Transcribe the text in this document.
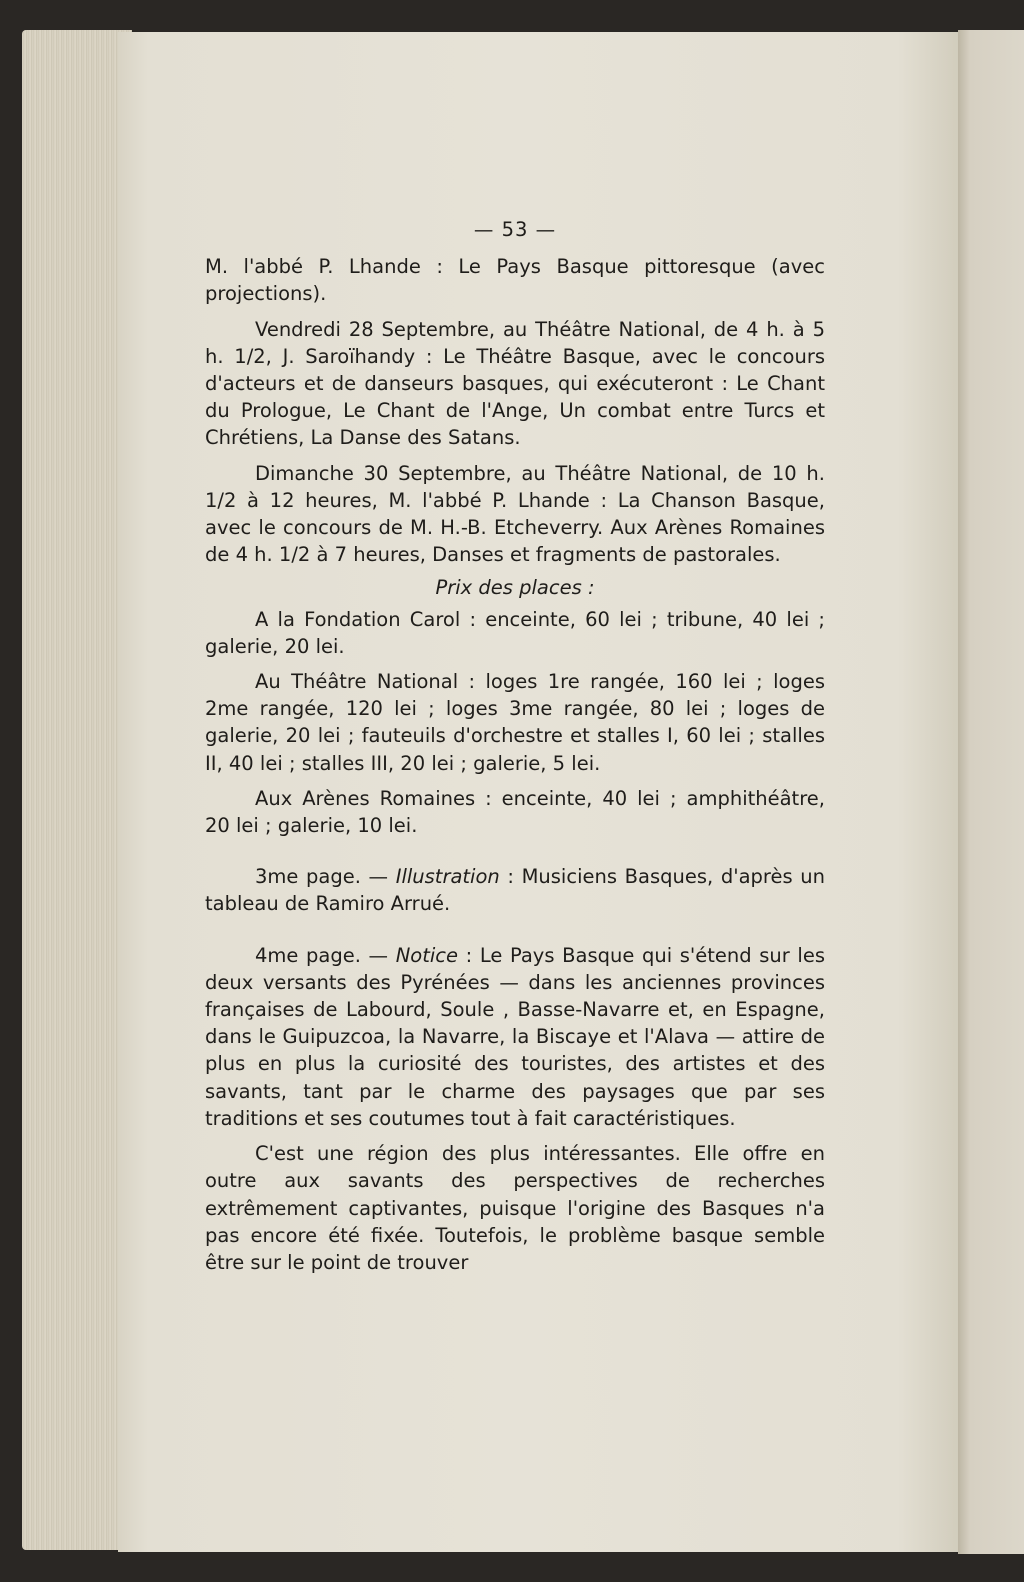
— 53 —

M. l'abbé P. Lhande : Le Pays Basque pittoresque (avec projections).

Vendredi 28 Septembre, au Théâtre National, de 4 h. à 5 h. 1/2, J. Saroïhandy : Le Théâtre Basque, avec le concours d'acteurs et de danseurs basques, qui exécuteront : Le Chant du Prologue, Le Chant de l'Ange, Un combat entre Turcs et Chrétiens, La Danse des Satans.

Dimanche 30 Septembre, au Théâtre National, de 10 h. 1/2 à 12 heures, M. l'abbé P. Lhande : La Chanson Basque, avec le concours de M. H.-B. Etcheverry. Aux Arènes Romaines de 4 h. 1/2 à 7 heures, Danses et fragments de pastorales.

Prix des places :

A la Fondation Carol : enceinte, 60 lei ; tribune, 40 lei ; galerie, 20 lei.

Au Théâtre National : loges 1re rangée, 160 lei ; loges 2me rangée, 120 lei ; loges 3me rangée, 80 lei ; loges de galerie, 20 lei ; fauteuils d'orchestre et stalles I, 60 lei ; stalles II, 40 lei ; stalles III, 20 lei ; galerie, 5 lei.

Aux Arènes Romaines : enceinte, 40 lei ; amphithéâtre, 20 lei ; galerie, 10 lei.

3me page. — Illustration : Musiciens Basques, d'après un tableau de Ramiro Arrué.

4me page. — Notice : Le Pays Basque qui s'étend sur les deux versants des Pyrénées — dans les anciennes provinces françaises de Labourd, Soule , Basse-Navarre et, en Espagne, dans le Guipuzcoa, la Navarre, la Biscaye et l'Alava — attire de plus en plus la curiosité des touristes, des artistes et des savants, tant par le charme des paysages que par ses traditions et ses coutumes tout à fait caractéristiques.

C'est une région des plus intéressantes. Elle offre en outre aux savants des perspectives de recherches extrêmement captivantes, puisque l'origine des Basques n'a pas encore été fixée. Toutefois, le problème basque semble être sur le point de trouver
